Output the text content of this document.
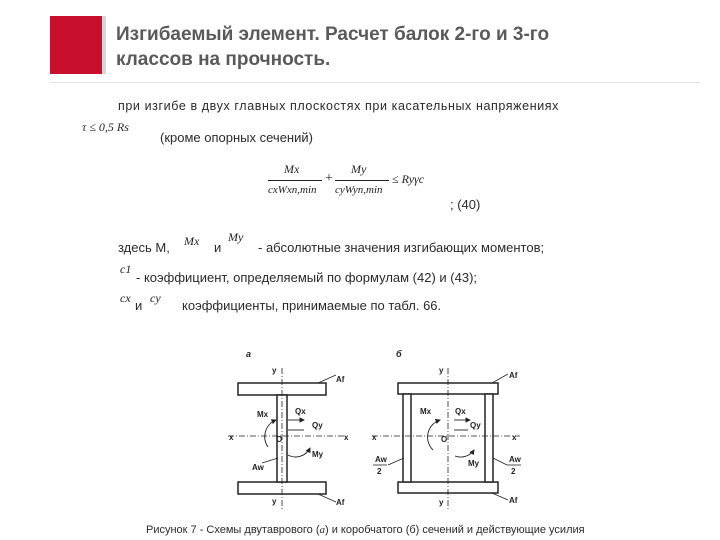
Изгибаемый элемент. Расчет балок 2-го и 3-го
классов на прочность.
при изгибе в двух главных плоскостях при касательных напряжениях
τ ≤ 0,5 Rs
(кроме опорных сечений)
Mx
cxWxn,min
+
My
cyWyn,min
≤ Ryγc
; (40)
здесь М, Mx и
My
- абсолютные значения изгибающих моментов;
c1
- коэффициент, определяемый по формулам (42) и (43);
cx и cy коэффициенты, принимаемые по табл. 66.
а
y
y
x	x
O
Af
Af
Aw
Mx
My
Qx
Qy
б
y
y
x	x
O
Af
Af
Aw
2
Aw
2
Mx
My
Qx
Qy
Рисунок 7 - Схемы двутаврового (а) и коробчатого (б) сечений и действующие усилия
